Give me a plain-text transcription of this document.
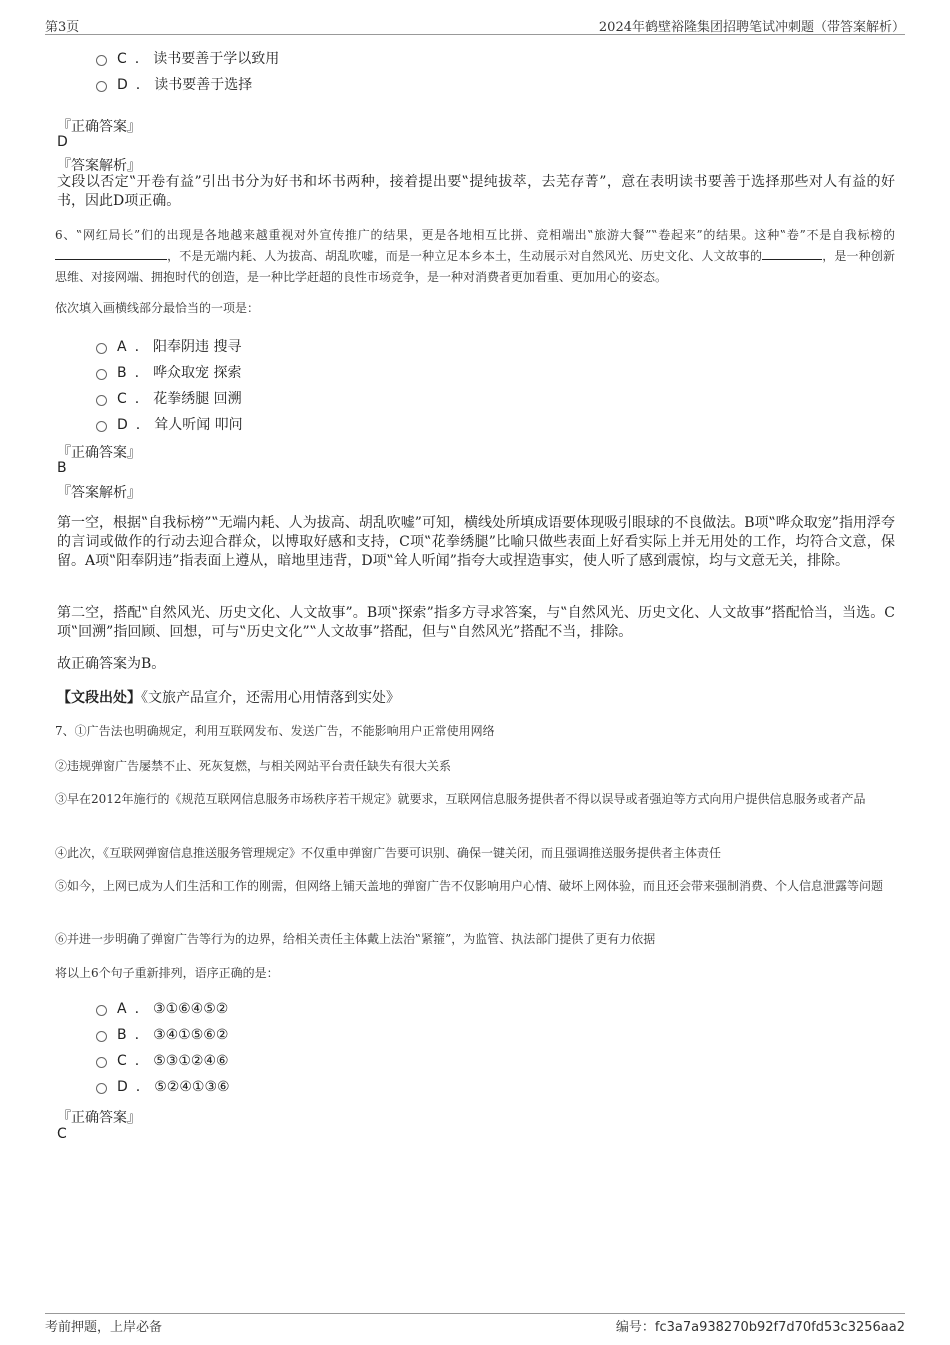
第3页	2024年鹤壁裕隆集团招聘笔试冲刺题（带答案解析）
C . 读书要善于学以致用
D . 读书要善于选择
『正确答案』
D
『答案解析』
文段以否定‟开卷有益”引出书分为好书和坏书两种，接着提出要‟提纯拔萃，去芜存菁”，意在表明读书要善于选择那些对人有益的好书，因此D项正确。
6、‟网红局长”们的出现是各地越来越重视对外宣传推广的结果，更是各地相互比拼、竞相端出‟旅游大餐”‟卷起来”的结果。这种‟卷”不是自我标榜的，不是无端内耗、人为拔高、胡乱吹嘘，而是一种立足本乡本土，生动展示对自然风光、历史文化、人文故事的	，是一种创新思维、对接网端、拥抱时代的创造，是一种比学赶超的良性市场竞争，是一种对消费者更加看重、更加用心的姿态。
依次填入画横线部分最恰当的一项是：
A . 阳奉阴违 搜寻
B . 哗众取宠 探索
C . 花拳绣腿 回溯
D . 耸人听闻 叩问
『正确答案』
B
『答案解析』
第一空，根据‟自我标榜”‟无端内耗、人为拔高、胡乱吹嘘”可知，横线处所填成语要体现吸引眼球的不良做法。B项‟哗众取宠”指用浮夸的言词或做作的行动去迎合群众，以博取好感和支持，C项‟花拳绣腿”比喻只做些表面上好看实际上并无用处的工作，均符合文意，保留。A项‟阳奉阴违”指表面上遵从，暗地里违背，D项‟耸人听闻”指夸大或捏造事实，使人听了感到震惊，均与文意无关，排除。
第二空，搭配‟自然风光、历史文化、人文故事”。B项‟探索”指多方寻求答案，与‟自然风光、历史文化、人文故事”搭配恰当，当选。C项‟回溯”指回顾、回想，可与‟历史文化”‟人文故事”搭配，但与‟自然风光”搭配不当，排除。
故正确答案为B。
【文段出处】《文旅产品宣介，还需用心用情落到实处》
7、①广告法也明确规定，利用互联网发布、发送广告，不能影响用户正常使用网络
②违规弹窗广告屡禁不止、死灰复燃，与相关网站平台责任缺失有很大关系
③早在2012年施行的《规范互联网信息服务市场秩序若干规定》就要求，互联网信息服务提供者不得以误导或者强迫等方式向用户提供信息服务或者产品
④此次，《互联网弹窗信息推送服务管理规定》不仅重申弹窗广告要可识别、确保一键关闭，而且强调推送服务提供者主体责任
⑤如今，上网已成为人们生活和工作的刚需，但网络上铺天盖地的弹窗广告不仅影响用户心情、破坏上网体验，而且还会带来强制消费、个人信息泄露等问题
⑥并进一步明确了弹窗广告等行为的边界，给相关责任主体戴上法治‟紧箍”，为监管、执法部门提供了更有力依据
将以上6个句子重新排列，语序正确的是：
A . ③①⑥④⑤②
B . ③④①⑤⑥②
C . ⑤③①②④⑥
D . ⑤②④①③⑥
『正确答案』
C
考前押题，上岸必备	编号：fc3a7a938270b92f7d70fd53c3256aa2
